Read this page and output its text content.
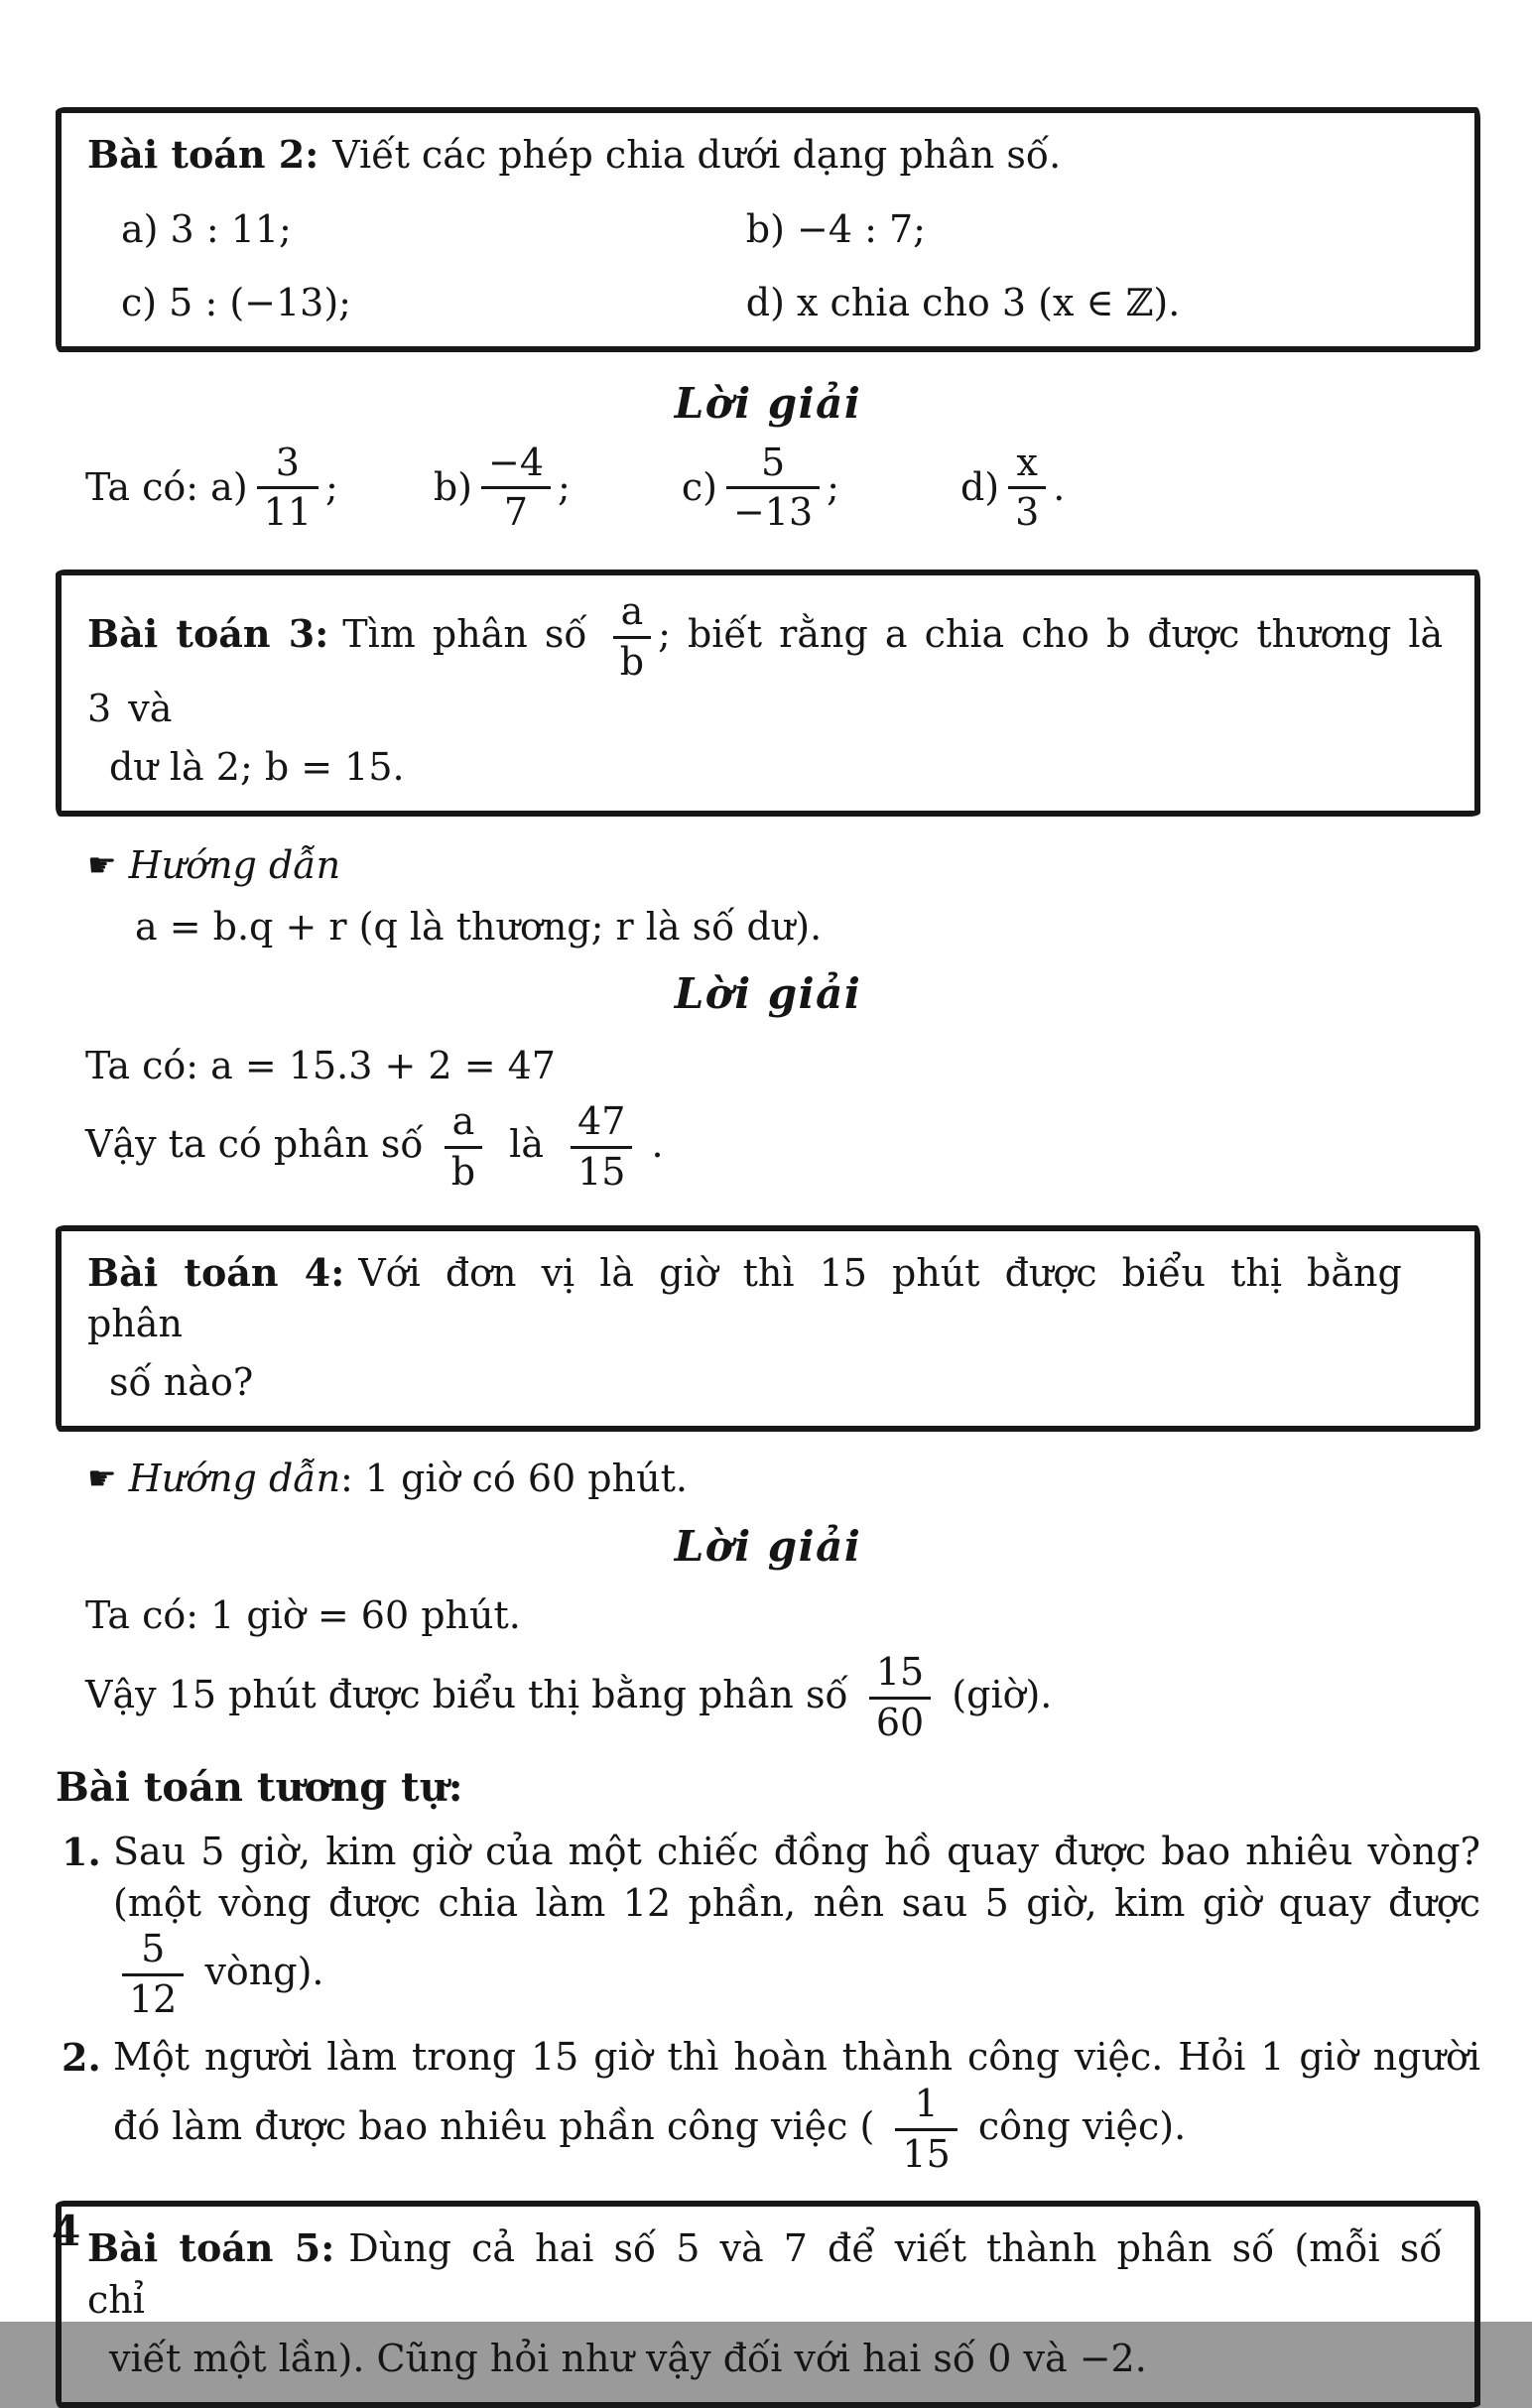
Bài toán 2: Viết các phép chia dưới dạng phân số.

a) 3 : 11;	b) −4 : 7;
c) 5 : (−13);	d) x chia cho 3 (x ∈ ℤ).
Lời giải
Ta có: $a) \frac{3}{11}$ ;	$b) \frac{-4}{7}$ ;	$c) \frac{5}{-13}$ ;	$d) \frac{x}{3}$ .

Bài toán 3: Tìm phân số $\frac{a}{b}$ ; biết rằng a chia cho b được thương là 3 và

dư là 2; b = 15.

☛ Hướng dẫn
a = b.q + r (q là thương; r là số dư).
Lời giải
Ta có: a = 15.3 + 2 = 47
Vậy ta có phân số $\frac{a}{b}$ là $\frac{47}{15}$ .

Bài toán 4: Với đơn vị là giờ thì 15 phút được biểu thị bằng phân

số nào?

☛ Hướng dẫn: 1 giờ có 60 phút.
Lời giải
Ta có: 1 giờ = 60 phút.
Vậy 15 phút được biểu thị bằng phân số $\frac{15}{60}$ (giờ).
Bài toán tương tự:
1. Sau 5 giờ, kim giờ của một chiếc đồng hồ quay được bao nhiêu vòng? (một vòng được chia làm 12 phần, nên sau 5 giờ, kim giờ quay được
$\frac{5}{12}$ vòng).

2. Một người làm trong 15 giờ thì hoàn thành công việc. Hỏi 1 giờ người đó làm được bao nhiêu phần công việc ( $\frac{1}{15}$ công việc).

Bài toán 5: Dùng cả hai số 5 và 7 để viết thành phân số (mỗi số chỉ

viết một lần). Cũng hỏi như vậy đối với hai số 0 và −2.

4
